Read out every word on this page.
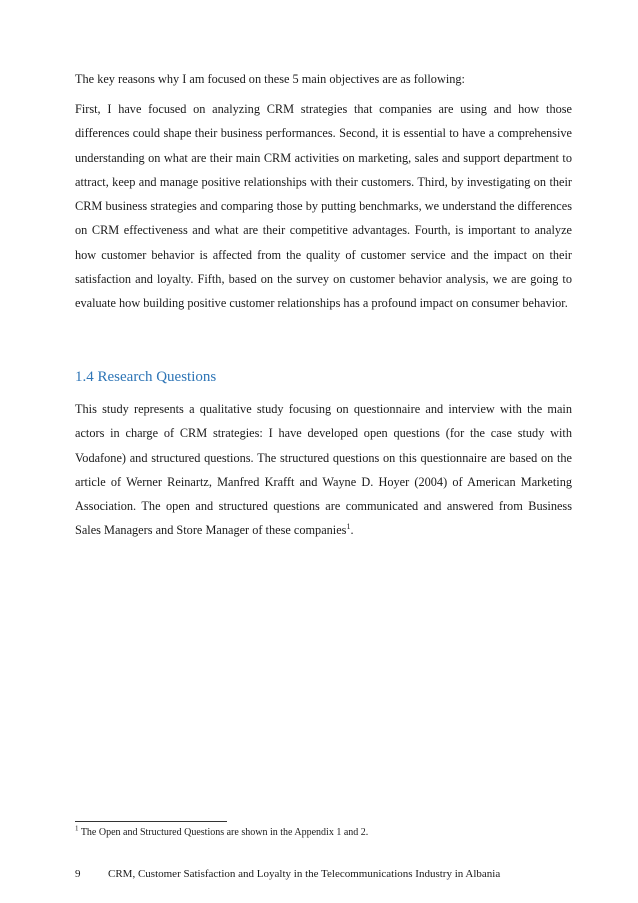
The key reasons why I am focused on these 5 main objectives are as following:

First, I have focused on analyzing CRM strategies that companies are using and how those differences could shape their business performances. Second, it is essential to have a comprehensive understanding on what are their main CRM activities on marketing, sales and support department to attract, keep and manage positive relationships with their customers. Third, by investigating on their CRM business strategies and comparing those by putting benchmarks, we understand the differences on CRM effectiveness and what are their competitive advantages. Fourth, is important to analyze how customer behavior is affected from the quality of customer service and the impact on their satisfaction and loyalty. Fifth, based on the survey on customer behavior analysis, we are going to evaluate how building positive customer relationships has a profound impact on consumer behavior.

1.4 Research Questions

This study represents a qualitative study focusing on questionnaire and interview with the main actors in charge of CRM strategies: I have developed open questions (for the case study with Vodafone) and structured questions. The structured questions on this questionnaire are based on the article of Werner Reinartz, Manfred Krafft and Wayne D. Hoyer (2004) of American Marketing Association. The open and structured questions are communicated and answered from Business Sales Managers and Store Manager of these companies$^1$.

$^1$ The Open and Structured Questions are shown in the Appendix 1 and 2.

9	CRM, Customer Satisfaction and Loyalty in the Telecommunications Industry in Albania
